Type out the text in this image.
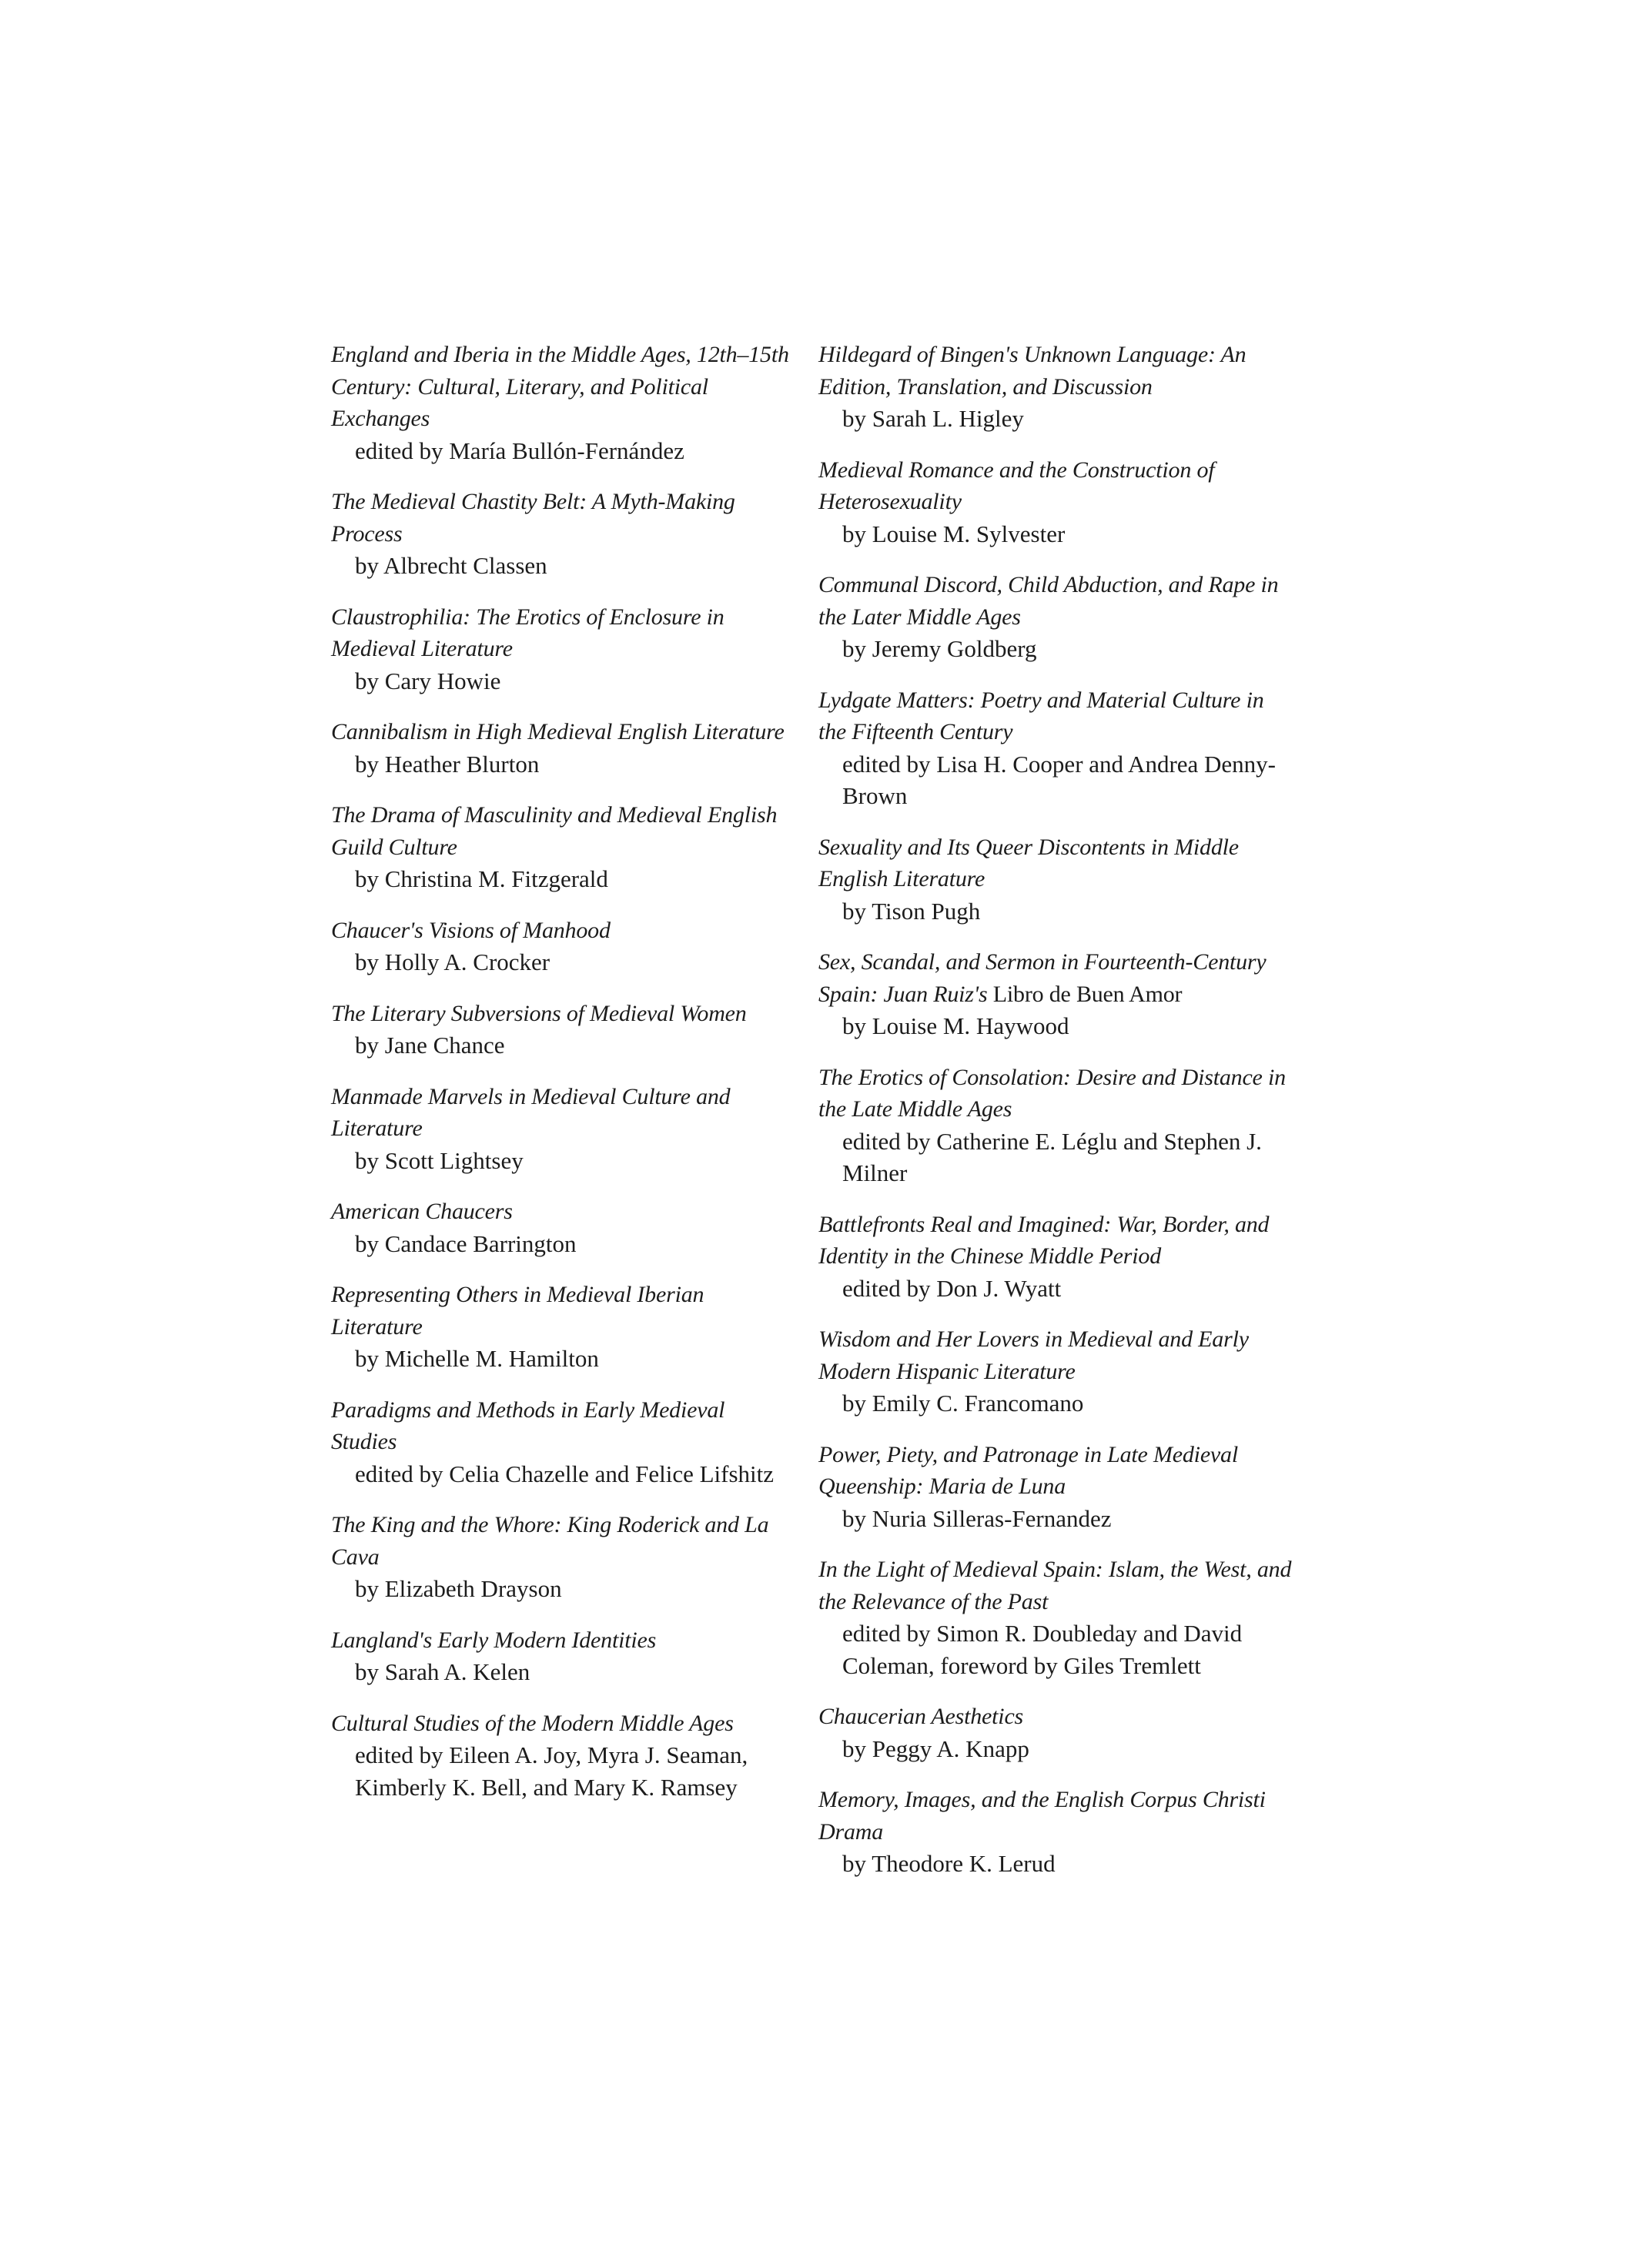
England and Iberia in the Middle Ages, 12th–15th Century: Cultural, Literary, and Political Exchanges

edited by María Bullón-Fernández

The Medieval Chastity Belt: A Myth-Making Process

by Albrecht Classen

Claustrophilia: The Erotics of Enclosure in Medieval Literature

by Cary Howie

Cannibalism in High Medieval English Literature

by Heather Blurton

The Drama of Masculinity and Medieval English Guild Culture

by Christina M. Fitzgerald

Chaucer's Visions of Manhood

by Holly A. Crocker

The Literary Subversions of Medieval Women

by Jane Chance

Manmade Marvels in Medieval Culture and Literature

by Scott Lightsey

American Chaucers

by Candace Barrington

Representing Others in Medieval Iberian Literature

by Michelle M. Hamilton

Paradigms and Methods in Early Medieval Studies

edited by Celia Chazelle and Felice Lifshitz

The King and the Whore: King Roderick and La Cava

by Elizabeth Drayson

Langland's Early Modern Identities

by Sarah A. Kelen

Cultural Studies of the Modern Middle Ages

edited by Eileen A. Joy, Myra J. Seaman, Kimberly K. Bell, and Mary K. Ramsey

Hildegard of Bingen's Unknown Language: An Edition, Translation, and Discussion

by Sarah L. Higley

Medieval Romance and the Construction of Heterosexuality

by Louise M. Sylvester

Communal Discord, Child Abduction, and Rape in the Later Middle Ages

by Jeremy Goldberg

Lydgate Matters: Poetry and Material Culture in the Fifteenth Century

edited by Lisa H. Cooper and Andrea Denny-Brown

Sexuality and Its Queer Discontents in Middle English Literature

by Tison Pugh

Sex, Scandal, and Sermon in Fourteenth-Century Spain: Juan Ruiz's Libro de Buen Amor

by Louise M. Haywood

The Erotics of Consolation: Desire and Distance in the Late Middle Ages

edited by Catherine E. Léglu and Stephen J. Milner

Battlefronts Real and Imagined: War, Border, and Identity in the Chinese Middle Period

edited by Don J. Wyatt

Wisdom and Her Lovers in Medieval and Early Modern Hispanic Literature

by Emily C. Francomano

Power, Piety, and Patronage in Late Medieval Queenship: Maria de Luna

by Nuria Silleras-Fernandez

In the Light of Medieval Spain: Islam, the West, and the Relevance of the Past

edited by Simon R. Doubleday and David Coleman, foreword by Giles Tremlett

Chaucerian Aesthetics

by Peggy A. Knapp

Memory, Images, and the English Corpus Christi Drama

by Theodore K. Lerud
